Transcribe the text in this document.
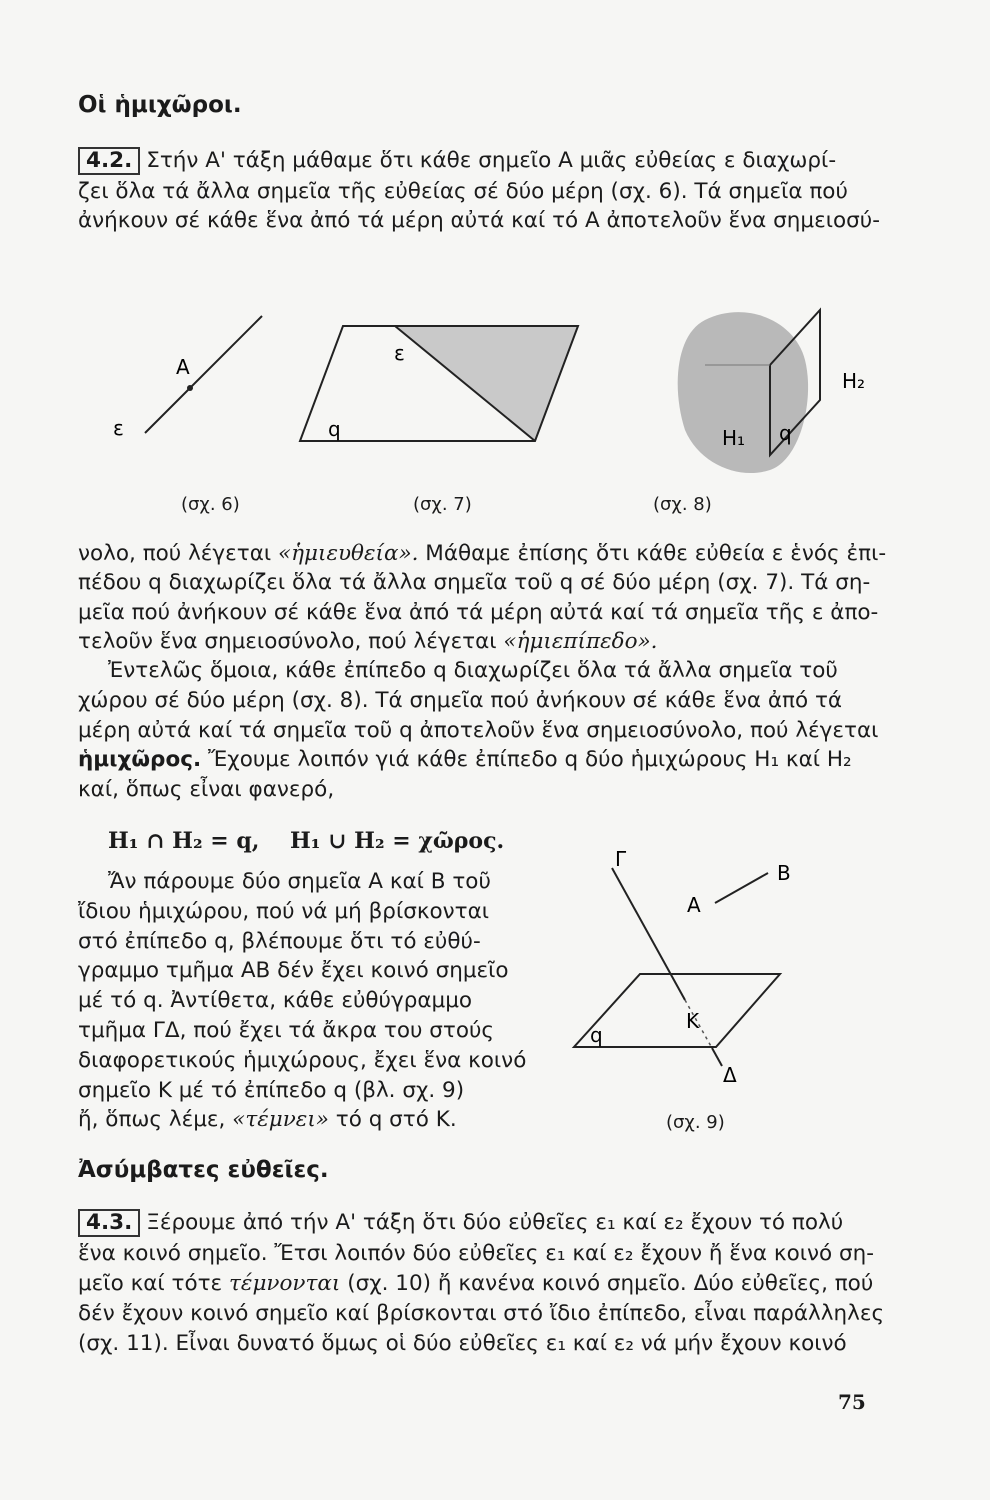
Οἱ ἡμιχῶροι.
4.2. Στήν Α' τάξη μάθαμε ὅτι κάθε σημεῖο Α μιᾶς εὐθείας ε διαχωρί-
ζει ὅλα τά ἄλλα σημεῖα τῆς εὐθείας σέ δύο μέρη (σχ. 6). Τά σημεῖα πού
ἀνήκουν σέ κάθε ἕνα ἀπό τά μέρη αὐτά καί τό Α ἀποτελοῦν ἕνα σημειοσύ-
A
ε
ε
q
H₂
H₁ q
(σχ. 6)	(σχ. 7)	(σχ. 8)
νολο, πού λέγεται «ἡμιευθεία». Μάθαμε ἐπίσης ὅτι κάθε εὐθεία ε ἑνός ἐπι-
πέδου q διαχωρίζει ὅλα τά ἄλλα σημεῖα τοῦ q σέ δύο μέρη (σχ. 7). Τά ση-
μεῖα πού ἀνήκουν σέ κάθε ἕνα ἀπό τά μέρη αὐτά καί τά σημεῖα τῆς ε ἀπο-
τελοῦν ἕνα σημειοσύνολο, πού λέγεται «ἡμιεπίπεδο».
Ἐντελῶς ὅμοια, κάθε ἐπίπεδο q διαχωρίζει ὅλα τά ἄλλα σημεῖα τοῦ
χώρου σέ δύο μέρη (σχ. 8). Τά σημεῖα πού ἀνήκουν σέ κάθε ἕνα ἀπό τά
μέρη αὐτά καί τά σημεῖα τοῦ q ἀποτελοῦν ἕνα σημειοσύνολο, πού λέγεται
ἡμιχῶρος. Ἔχουμε λοιπόν γιά κάθε ἐπίπεδο q δύο ἡμιχώρους H₁ καί H₂
καί, ὅπως εἶναι φανερό,
H₁ ∩ H₂ = q, H₁ ∪ H₂ = χῶρος.
Ἄν πάρουμε δύο σημεῖα Α καί Β τοῦ
ἴδιου ἡμιχώρου, πού νά μή βρίσκονται
στό ἐπίπεδο q, βλέπουμε ὅτι τό εὐθύ-
γραμμο τμῆμα ΑΒ δέν ἔχει κοινό σημεῖο
μέ τό q. Ἀντίθετα, κάθε εὐθύγραμμο
τμῆμα ΓΔ, πού ἔχει τά ἄκρα του στούς
διαφορετικούς ἡμιχώρους, ἔχει ἕνα κοινό
σημεῖο Κ μέ τό ἐπίπεδο q (βλ. σχ. 9)
ἤ, ὅπως λέμε, «τέμνει» τό q στό Κ.
Γ
B
A
K
q
Δ
(σχ. 9)
Ἀσύμβατες εὐθεῖες.
4.3. Ξέρουμε ἀπό τήν Α' τάξη ὅτι δύο εὐθεῖες ε₁ καί ε₂ ἔχουν τό πολύ
ἕνα κοινό σημεῖο. Ἔτσι λοιπόν δύο εὐθεῖες ε₁ καί ε₂ ἔχουν ἤ ἕνα κοινό ση-
μεῖο καί τότε τέμνονται (σχ. 10) ἤ κανένα κοινό σημεῖο. Δύο εὐθεῖες, πού
δέν ἔχουν κοινό σημεῖο καί βρίσκονται στό ἴδιο ἐπίπεδο, εἶναι παράλληλες
(σχ. 11). Εἶναι δυνατό ὅμως οἱ δύο εὐθεῖες ε₁ καί ε₂ νά μήν ἔχουν κοινό
75
